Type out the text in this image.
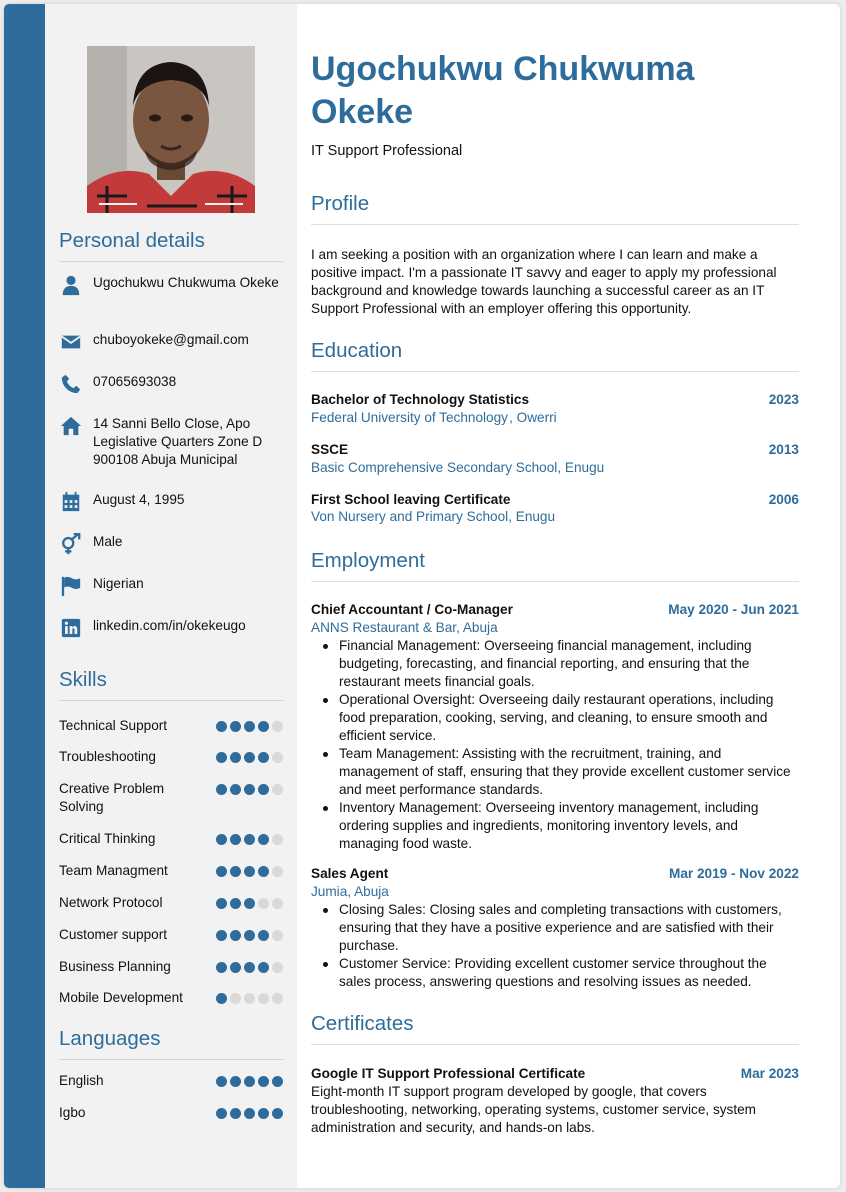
Personal details
Ugochukwu Chukwuma Okeke
chuboyokeke@gmail.com
07065693038
14 Sanni Bello Close, Apo Legislative Quarters Zone D 900108 Abuja Municipal
August 4, 1995
Male
Nigerian
linkedin.com/in/okekeugo
Skills
Technical Support
Troubleshooting
Creative Problem Solving
Critical Thinking
Team Managment
Network Protocol
Customer support
Business Planning
Mobile Development
Languages
English
Igbo
Ugochukwu Chukwuma Okeke
IT Support Professional
Profile
I am seeking a position with an organization where I can learn and make a positive impact. I'm a passionate IT savvy and eager to apply my professional background and knowledge towards launching a successful career as an IT Support Professional with an employer offering this opportunity.
Education
Bachelor of Technology Statistics	2023
Federal University of Technology , Owerri
SSCE	2013
Basic Comprehensive Secondary School, Enugu
First School leaving Certificate	2006
Von Nursery and Primary School, Enugu
Employment
Chief Accountant / Co-Manager	May 2020 - Jun 2021
ANNS Restaurant & Bar, Abuja
Financial Management: Overseeing financial management, including budgeting, forecasting, and financial reporting, and ensuring that the restaurant meets financial goals.
Operational Oversight: Overseeing daily restaurant operations, including food preparation, cooking, serving, and cleaning, to ensure smooth and efficient service.
Team Management: Assisting with the recruitment, training, and management of staff, ensuring that they provide excellent customer service and meet performance standards.
Inventory Management: Overseeing inventory management, including ordering supplies and ingredients, monitoring inventory levels, and managing food waste.
Sales Agent	Mar 2019 - Nov 2022
Jumia, Abuja
Closing Sales: Closing sales and completing transactions with customers, ensuring that they have a positive experience and are satisfied with their purchase.
Customer Service: Providing excellent customer service throughout the sales process, answering questions and resolving issues as needed.
Certificates
Google IT Support Professional Certificate	Mar 2023
Eight-month IT support program developed by google, that covers troubleshooting, networking, operating systems, customer service, system administration and security, and hands-on labs.
